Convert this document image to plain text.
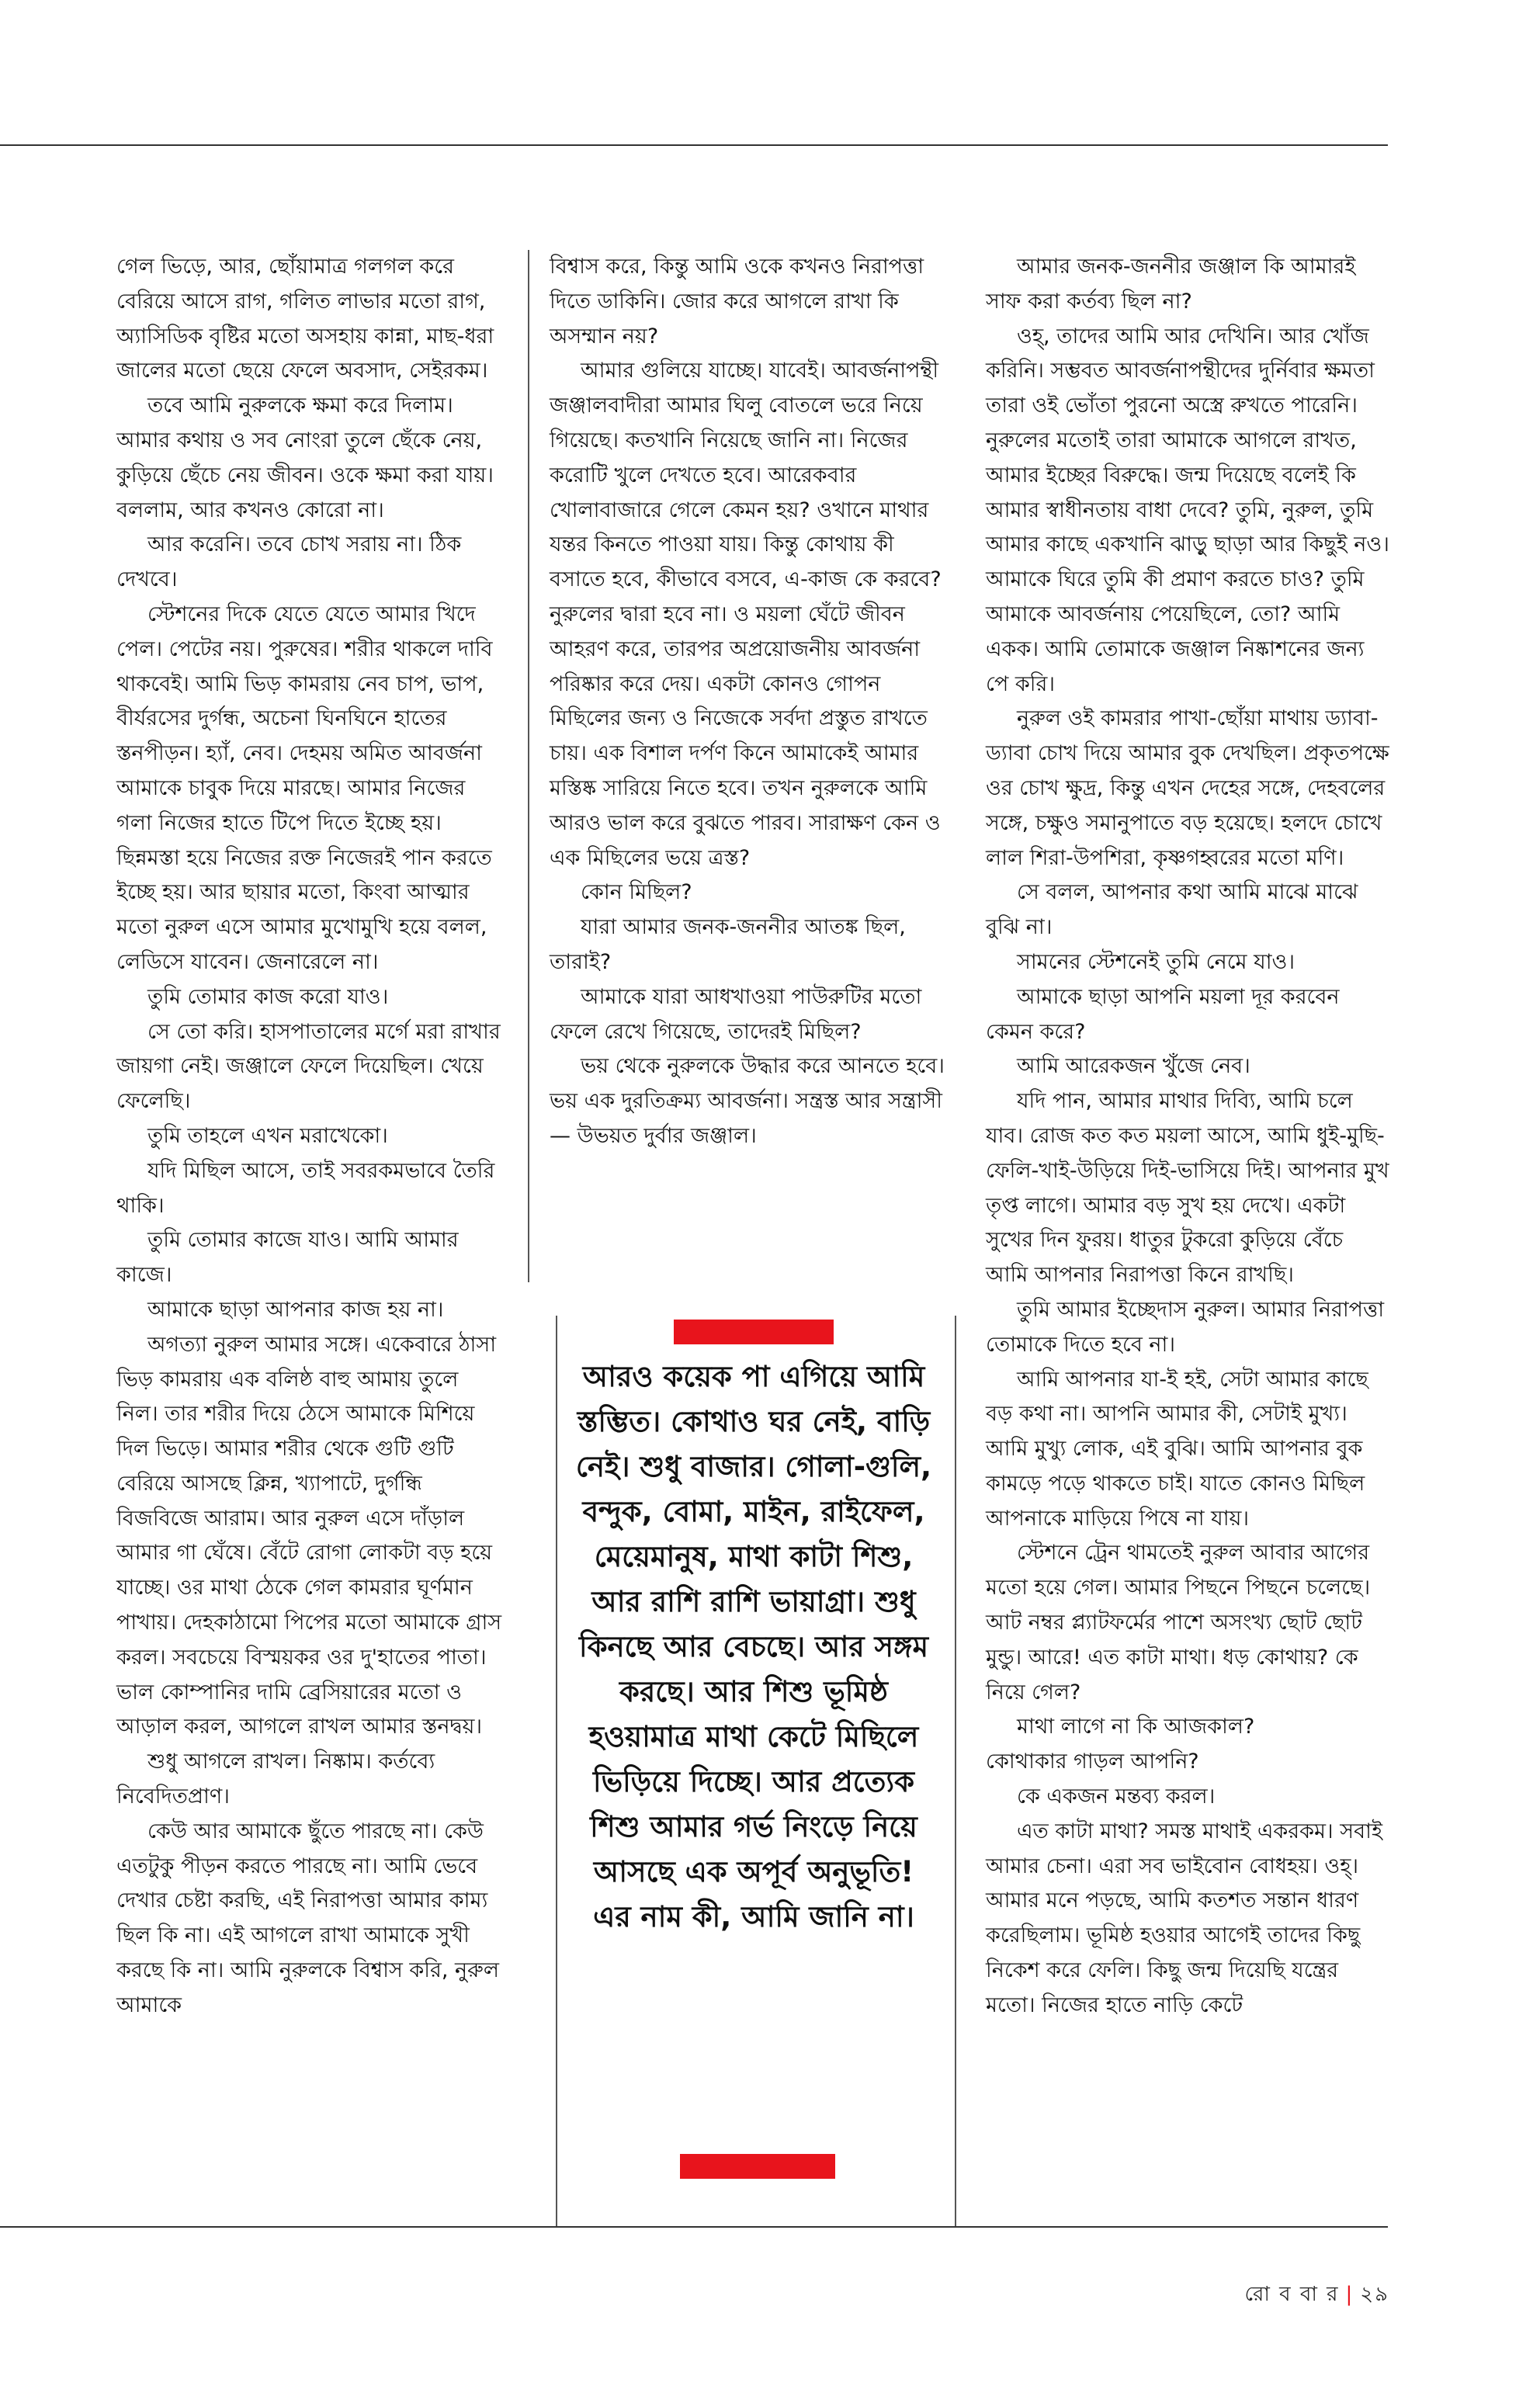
গেল ভিড়ে, আর, ছোঁয়ামাত্র গলগল করে বেরিয়ে আসে রাগ, গলিত লাভার মতো রাগ, অ্যাসিডিক বৃষ্টির মতো অসহায় কান্না, মাছ-ধরা জালের মতো ছেয়ে ফেলে অবসাদ, সেইরকম।

তবে আমি নুরুলকে ক্ষমা করে দিলাম। আমার কথায় ও সব নোংরা তুলে ছেঁকে নেয়, কুড়িয়ে ছেঁচে নেয় জীবন। ওকে ক্ষমা করা যায়। বললাম, আর কখনও কোরো না।

আর করেনি। তবে চোখ সরায় না। ঠিক দেখবে।

স্টেশনের দিকে যেতে যেতে আমার খিদে পেল। পেটের নয়। পুরুষের। শরীর থাকলে দাবি থাকবেই। আমি ভিড় কামরায় নেব চাপ, ভাপ, বীর্যরসের দুর্গন্ধ, অচেনা ঘিনঘিনে হাতের স্তনপীড়ন। হ্যাঁ, নেব। দেহময় অমিত আবর্জনা আমাকে চাবুক দিয়ে মারছে। আমার নিজের গলা নিজের হাতে টিপে দিতে ইচ্ছে হয়। ছিন্নমস্তা হয়ে নিজের রক্ত নিজেরই পান করতে ইচ্ছে হয়। আর ছায়ার মতো, কিংবা আত্মার মতো নুরুল এসে আমার মুখোমুখি হয়ে বলল, লেডিসে যাবেন। জেনারেলে না।

তুমি তোমার কাজ করো যাও।

সে তো করি। হাসপাতালের মর্গে মরা রাখার জায়গা নেই। জঞ্জালে ফেলে দিয়েছিল। খেয়ে ফেলেছি।

তুমি তাহলে এখন মরাখেকো।

যদি মিছিল আসে, তাই সবরকমভাবে তৈরি থাকি।

তুমি তোমার কাজে যাও। আমি আমার কাজে।

আমাকে ছাড়া আপনার কাজ হয় না।

অগত্যা নুরুল আমার সঙ্গে। একেবারে ঠাসা ভিড় কামরায় এক বলিষ্ঠ বাহু আমায় তুলে নিল। তার শরীর দিয়ে ঠেসে আমাকে মিশিয়ে দিল ভিড়ে। আমার শরীর থেকে গুটি গুটি বেরিয়ে আসছে ক্লিন্ন, খ্যাপাটে, দুর্গন্ধি বিজবিজে আরাম। আর নুরুল এসে দাঁড়াল আমার গা ঘেঁষে। বেঁটে রোগা লোকটা বড় হয়ে যাচ্ছে। ওর মাথা ঠেকে গেল কামরার ঘূর্ণমান পাখায়। দেহকাঠামো পিপের মতো আমাকে গ্রাস করল। সবচেয়ে বিস্ময়কর ওর দু'হাতের পাতা। ভাল কোম্পানির দামি ব্রেসিয়ারের মতো ও আড়াল করল, আগলে রাখল আমার স্তনদ্বয়।

শুধু আগলে রাখল। নিষ্কাম। কর্তব্যে নিবেদিতপ্রাণ।

কেউ আর আমাকে ছুঁতে পারছে না। কেউ এতটুকু পীড়ন করতে পারছে না। আমি ভেবে দেখার চেষ্টা করছি, এই নিরাপত্তা আমার কাম্য ছিল কি না। এই আগলে রাখা আমাকে সুখী করছে কি না। আমি নুরুলকে বিশ্বাস করি, নুরুল আমাকে

বিশ্বাস করে, কিন্তু আমি ওকে কখনও নিরাপত্তা দিতে ডাকিনি। জোর করে আগলে রাখা কি অসম্মান নয়?

আমার গুলিয়ে যাচ্ছে। যাবেই। আবর্জনাপন্থী জঞ্জালবাদীরা আমার ঘিলু বোতলে ভরে নিয়ে গিয়েছে। কতখানি নিয়েছে জানি না। নিজের করোটি খুলে দেখতে হবে। আরেকবার খোলাবাজারে গেলে কেমন হয়? ওখানে মাথার যন্তর কিনতে পাওয়া যায়। কিন্তু কোথায় কী বসাতে হবে, কীভাবে বসবে, এ-কাজ কে করবে? নুরুলের দ্বারা হবে না। ও ময়লা ঘেঁটে জীবন আহরণ করে, তারপর অপ্রয়োজনীয় আবর্জনা পরিষ্কার করে দেয়। একটা কোনও গোপন মিছিলের জন্য ও নিজেকে সর্বদা প্রস্তুত রাখতে চায়। এক বিশাল দর্পণ কিনে আমাকেই আমার মস্তিষ্ক সারিয়ে নিতে হবে। তখন নুরুলকে আমি আরও ভাল করে বুঝতে পারব। সারাক্ষণ কেন ও এক মিছিলের ভয়ে ত্রস্ত?

কোন মিছিল?

যারা আমার জনক-জননীর আতঙ্ক ছিল, তারাই?

আমাকে যারা আধখাওয়া পাউরুটির মতো ফেলে রেখে গিয়েছে, তাদেরই মিছিল?

ভয় থেকে নুরুলকে উদ্ধার করে আনতে হবে। ভয় এক দুরতিক্রম্য আবর্জনা। সন্ত্রস্ত আর সন্ত্রাসী— উভয়ত দুর্বার জঞ্জাল।

আমার জনক-জননীর জঞ্জাল কি আমারই সাফ করা কর্তব্য ছিল না?

ওহ্, তাদের আমি আর দেখিনি। আর খোঁজ করিনি। সম্ভবত আবর্জনাপন্থীদের দুর্নিবার ক্ষমতা তারা ওই ভোঁতা পুরনো অস্ত্রে রুখতে পারেনি। নুরুলের মতোই তারা আমাকে আগলে রাখত, আমার ইচ্ছের বিরুদ্ধে। জন্ম দিয়েছে বলেই কি আমার স্বাধীনতায় বাধা দেবে? তুমি, নুরুল, তুমি আমার কাছে একখানি ঝাড়ু ছাড়া আর কিছুই নও। আমাকে ঘিরে তুমি কী প্রমাণ করতে চাও? তুমি আমাকে আবর্জনায় পেয়েছিলে, তো? আমি একক। আমি তোমাকে জঞ্জাল নিষ্কাশনের জন্য পে করি।

নুরুল ওই কামরার পাখা-ছোঁয়া মাথায় ড্যাবা-ড্যাবা চোখ দিয়ে আমার বুক দেখছিল। প্রকৃতপক্ষে ওর চোখ ক্ষুদ্র, কিন্তু এখন দেহের সঙ্গে, দেহবলের সঙ্গে, চক্ষুও সমানুপাতে বড় হয়েছে। হলদে চোখে লাল শিরা-উপশিরা, কৃষ্ণগহ্বরের মতো মণি।

সে বলল, আপনার কথা আমি মাঝে মাঝে বুঝি না।

সামনের স্টেশনেই তুমি নেমে যাও।

আমাকে ছাড়া আপনি ময়লা দূর করবেন কেমন করে?

আমি আরেকজন খুঁজে নেব।

যদি পান, আমার মাথার দিব্যি, আমি চলে যাব। রোজ কত কত ময়লা আসে, আমি ধুই-মুছি-ফেলি-খাই-উড়িয়ে দিই-ভাসিয়ে দিই। আপনার মুখ তৃপ্ত লাগে। আমার বড় সুখ হয় দেখে। একটা সুখের দিন ফুরয়। ধাতুর টুকরো কুড়িয়ে বেঁচে আমি আপনার নিরাপত্তা কিনে রাখছি।

তুমি আমার ইচ্ছেদাস নুরুল। আমার নিরাপত্তা তোমাকে দিতে হবে না।

আমি আপনার যা-ই হই, সেটা আমার কাছে বড় কথা না। আপনি আমার কী, সেটাই মুখ্য। আমি মুখ্যু লোক, এই বুঝি। আমি আপনার বুক কামড়ে পড়ে থাকতে চাই। যাতে কোনও মিছিল আপনাকে মাড়িয়ে পিষে না যায়।

স্টেশনে ট্রেন থামতেই নুরুল আবার আগের মতো হয়ে গেল। আমার পিছনে পিছনে চলেছে। আট নম্বর প্ল্যাটফর্মের পাশে অসংখ্য ছোট ছোট মুন্ডু। আরে! এত কাটা মাথা। ধড় কোথায়? কে নিয়ে গেল?

মাথা লাগে না কি আজকাল?

কোথাকার গাড়ল আপনি?

কে একজন মন্তব্য করল।

এত কাটা মাথা? সমস্ত মাথাই একরকম। সবাই আমার চেনা। এরা সব ভাইবোন বোধহয়। ওহ্। আমার মনে পড়ছে, আমি কতশত সন্তান ধারণ করেছিলাম। ভূমিষ্ঠ হওয়ার আগেই তাদের কিছু নিকেশ করে ফেলি। কিছু জন্ম দিয়েছি যন্ত্রের মতো। নিজের হাতে নাড়ি কেটে

আরও কয়েক পা এগিয়ে আমি স্তম্ভিত। কোথাও ঘর নেই, বাড়ি নেই। শুধু বাজার। গোলা-গুলি, বন্দুক, বোমা, মাইন, রাইফেল, মেয়েমানুষ, মাথা কাটা শিশু, আর রাশি রাশি ভায়াগ্রা। শুধু কিনছে আর বেচছে। আর সঙ্গম করছে। আর শিশু ভূমিষ্ঠ হওয়ামাত্র মাথা কেটে মিছিলে ভিড়িয়ে দিচ্ছে। আর প্রত্যেক শিশু আমার গর্ভ নিংড়ে নিয়ে আসছে এক অপূর্ব অনুভূতি! এর নাম কী, আমি জানি না।
রো ব বা র | ২৯
